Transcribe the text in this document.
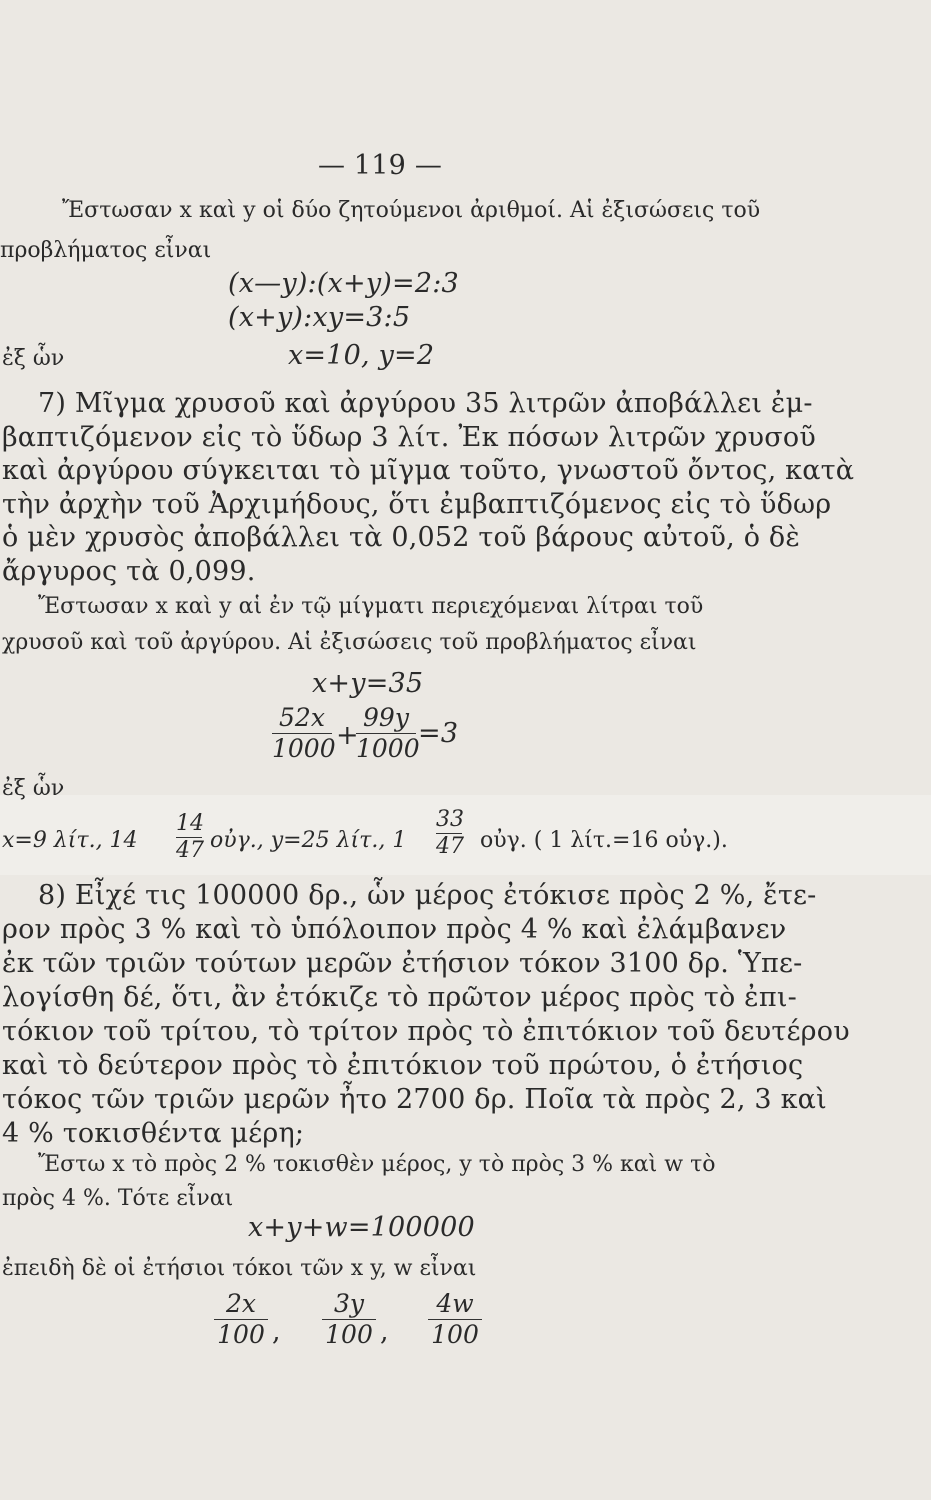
— 119 —
Ἔστωσαν x καὶ y οἱ δύο ζητούμενοι ἀριθμοί. Αἱ ἐξισώσεις τοῦ
προβλήματος εἶναι
(x—y):(x+y)=2:3
(x+y):xy=3:5
ἐξ ὧν	x=10, y=2
7) Μῖγμα χρυσοῦ καὶ ἀργύρου 35 λιτρῶν ἀποβάλλει ἐμ-
βαπτιζόμενον εἰς τὸ ὕδωρ 3 λίτ. Ἐκ πόσων λιτρῶν χρυσοῦ
καὶ ἀργύρου σύγκειται τὸ μῖγμα τοῦτο, γνωστοῦ ὄντος, κατὰ
τὴν ἀρχὴν τοῦ Ἀρχιμήδους, ὅτι ἐμβαπτιζόμενος εἰς τὸ ὕδωρ
ὁ μὲν χρυσὸς ἀποβάλλει τὰ 0,052 τοῦ βάρους αὐτοῦ, ὁ δὲ
ἄργυρος τὰ 0,099.
Ἔστωσαν x καὶ y αἱ ἐν τῷ μίγματι περιεχόμεναι λίτραι τοῦ
χρυσοῦ καὶ τοῦ ἀργύρου. Αἱ ἐξισώσεις τοῦ προβλήματος εἶναι
x+y=35
52x
1000 +
99y
1000
=3
ἐξ ὧν
x=9 λίτ., 14
14
47 οὐγ., y=25 λίτ., 1
33
47 οὐγ. ( 1 λίτ.=16 οὐγ.).
8) Εἶχέ τις 100000 δρ., ὧν μέρος ἐτόκισε πρὸς 2 %, ἔτε-
ρον πρὸς 3 % καὶ τὸ ὑπόλοιπον πρὸς 4 % καὶ ἐλάμβανεν
ἐκ τῶν τριῶν τούτων μερῶν ἐτήσιον τόκον 3100 δρ. Ὑπε-
λογίσθη δέ, ὅτι, ἂν ἐτόκιζε τὸ πρῶτον μέρος πρὸς τὸ ἐπι-
τόκιον τοῦ τρίτου, τὸ τρίτον πρὸς τὸ ἐπιτόκιον τοῦ δευτέρου
καὶ τὸ δεύτερον πρὸς τὸ ἐπιτόκιον τοῦ πρώτου, ὁ ἐτήσιος
τόκος τῶν τριῶν μερῶν ἦτο 2700 δρ. Ποῖα τὰ πρὸς 2, 3 καὶ
4 % τοκισθέντα μέρη;
Ἔστω x τὸ πρὸς 2 % τοκισθὲν μέρος, y τὸ πρὸς 3 % καὶ w τὸ
πρὸς 4 %. Τότε εἶναι
x+y+w=100000
ἐπειδὴ δὲ οἱ ἐτήσιοι τόκοι τῶν x y, w εἶναι
2x
100 ,
3y
100 ,
4w
100
